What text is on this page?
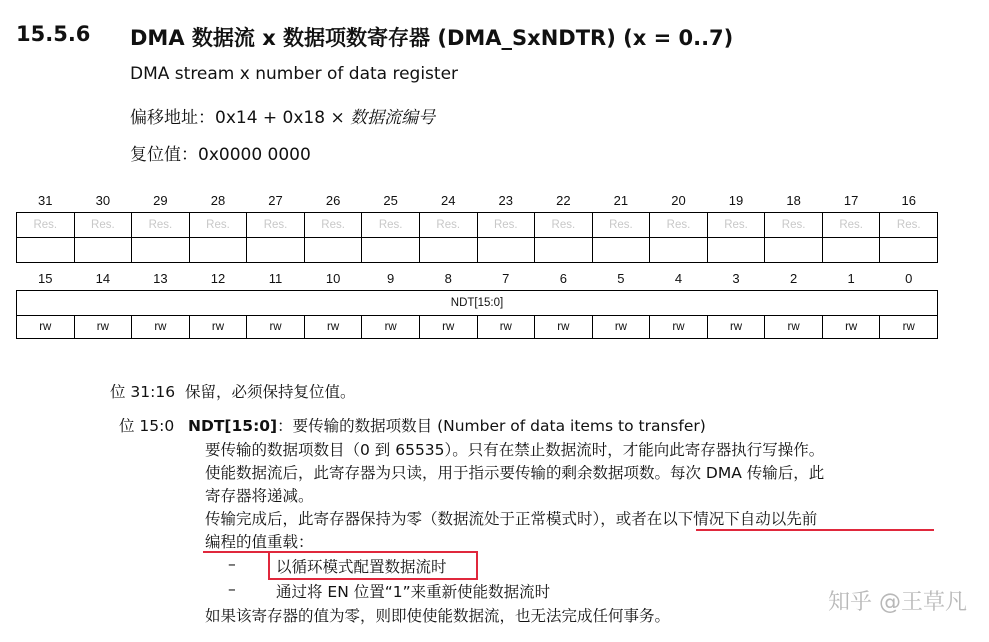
15.5.6 DMA 数据流 x 数据项数寄存器 (DMA_SxNDTR) (x = 0..7)
DMA stream x number of data register
偏移地址：0x14 + 0x18 × 数据流编号
复位值：0x0000 0000
31	30	29	28	27	26	25	24	23	22	21	20	19	18	17	16
Res.	Res.	Res.	Res.	Res.	Res.	Res.	Res.	Res.	Res.	Res.	Res.	Res.	Res.	Res.	Res.

15	14	13	12	11	10	9	8	7	6	5	4	3	2	1	0
NDT[15:0]															
rw	rw	rw	rw	rw	rw	rw	rw	rw	rw	rw	rw	rw	rw	rw	rw
位 31:16 保留，必须保持复位值。
位 15:0 NDT[15:0]：要传输的数据项数目 (Number of data items to transfer)
要传输的数据项数目（0 到 65535）。只有在禁止数据流时，才能向此寄存器执行写操作。
使能数据流后，此寄存器为只读，用于指示要传输的剩余数据项数。每次 DMA 传输后，此
寄存器将递减。
传输完成后，此寄存器保持为零（数据流处于正常模式时），或者在以下情况下自动以先前
编程的值重载：
–	以循环模式配置数据流时
–	通过将 EN 位置“1”来重新使能数据流时
如果该寄存器的值为零，则即使使能数据流，也无法完成任何事务。
知乎 @王草凡
